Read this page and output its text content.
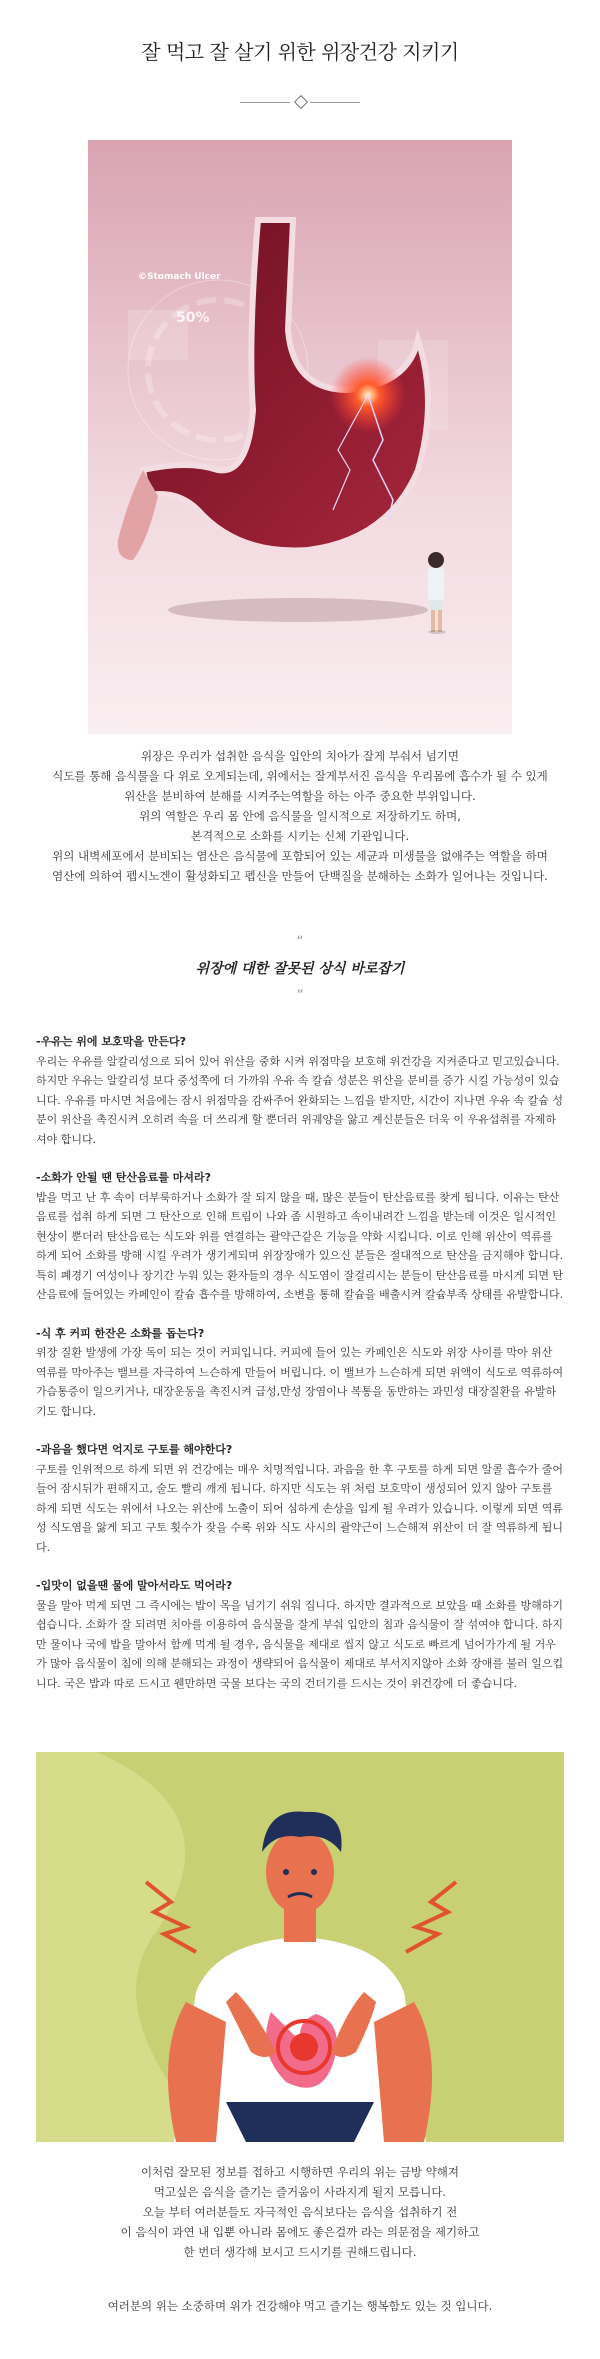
잘 먹고 잘 살기 위한 위장건강 지키기
©Stomach Ulcer
50%
위장은 우리가 섭취한 음식을 입안의 치아가 잘게 부숴서 넘기면
식도를 통해 음식물을 다 위로 오게되는데, 위에서는 잘게부서진 음식을 우리몸에 흡수가 될 수 있게
위산을 분비하여 분해를 시켜주는역할을 하는 아주 중요한 부위입니다.
위의 역할은 우리 몸 안에 음식물을 일시적으로 저장하기도 하며,
본격적으로 소화를 시키는 신체 기관입니다.
위의 내벽세포에서 분비되는 염산은 음식물에 포함되어 있는 세균과 미생물을 없애주는 역할을 하며
염산에 의하여 펩시노겐이 활성화되고 펩신을 만들어 단백질을 분해하는 소화가 일어나는 것입니다.
“
위장에 대한 잘못된 상식 바로잡기
”
-우유는 위에 보호막을 만든다?

우리는 우유를 알칼리성으로 되어 있어 위산을 중화 시켜 위점막을 보호해 위건강을 지켜준다고 믿고있습니다. 하지만 우유는 알칼리성 보다 중성쪽에 더 가까워 우유 속 칼슘 성분은 위산을 분비를 증가 시킬 가능성이 있습니다. 우유를 마시면 처음에는 잠시 위점막을 감싸주어 완화되는 느낌을 받지만, 시간이 지나면 우유 속 칼슘 성분이 위산을 촉진시켜 오히려 속을 더 쓰리게 할 뿐더러 위궤양을 앓고 계신분들은 더욱 이 우유섭취를 자제하셔야 합니다.

-소화가 안될 땐 탄산음료를 마셔라?

밥을 먹고 난 후 속이 더부룩하거나 소화가 잘 되지 않을 때, 많은 분들이 탄산음료를 찾게 됩니다. 이유는 탄산음료를 섭취 하게 되면 그 탄산으로 인해 트림이 나와 좀 시원하고 속이내려간 느낌을 받는데 이것은 일시적인 현상이 뿐더러 탄산음료는 식도와 위를 연결하는 괄약근같은 기능을 약화 시킵니다. 이로 인해 위산이 역류를 하게 되어 소화를 방해 시킬 우려가 생기게되며 위장장애가 있으신 분들은 절대적으로 탄산을 금지해야 합니다. 특히 폐경기 여성이나 장기간 누워 있는 환자들의 경우 식도염이 잘걸리시는 분들이 탄산음료를 마시게 되면 탄산음료에 들어있는 카페인이 칼슘 흡수를 방해하여, 소변을 통해 칼슘을 배출시켜 칼슘부족 상태를 유발합니다.

-식 후 커피 한잔은 소화를 돕는다?

위장 질환 발생에 가장 독이 되는 것이 커피입니다. 커피에 들어 있는 카페인은 식도와 위장 사이를 막아 위산 역류를 막아주는 밸브를 자극하여 느슨하게 만들어 버립니다. 이 밸브가 느슨하게 되면 위액이 식도로 역류하여 가슴통증이 일으키거나, 대장운동을 촉진시켜 급성,만성 장염이나 복통을 동반하는 과민성 대장질환을 유발하기도 합니다.

-과음을 했다면 억지로 구토를 해야한다?

구토를 인위적으로 하게 되면 위 건강에는 매우 치명적입니다. 과음을 한 후 구토를 하게 되면 알콜 흡수가 줄어들어 잠시뒤가 편해지고, 술도 빨리 깨게 됩니다. 하지만 식도는 위 처럼 보호막이 생성되어 있지 않아 구토를 하게 되면 식도는 위에서 나오는 위산에 노출이 되어 심하게 손상을 입게 될 우려가 있습니다. 이렇게 되면 역류성 식도염을 앓게 되고 구토 횟수가 잦을 수록 위와 식도 사시의 괄약근이 느슨해져 위산이 더 잘 역류하게 됩니다.

-입맛이 없을땐 물에 말아서라도 먹어라?

물을 말아 먹게 되면 그 즉시에는 밥이 목을 넘기기 쉬워 집니다. 하지만 결과적으로 보았을 때 소화를 방해하기 쉽습니다. 소화가 잘 되려면 치아를 이용하여 음식물을 잘게 부숴 입안의 침과 음식물이 잘 섞여야 합니다. 하지만 물이나 국에 밥을 말아서 함께 먹게 될 경우, 음식물을 제대로 씹지 않고 식도로 빠르게 넘어가가게 될 거우가 많아 음식물이 침에 의해 분해되는 과정이 생략되어 음식물이 제대로 부서지지않아 소화 장애를 불러 일으킵니다. 국은 밥과 따로 드시고 웬만하면 국물 보다는 국의 건더기를 드시는 것이 위건강에 더 좋습니다.

이처럼 잘모된 정보를 접하고 시행하면 우리의 위는 금방 약해져
먹고싶은 음식을 즐기는 즐거움이 사라지게 될지 모릅니다.
오늘 부터 여러분들도 자극적인 음식보다는 음식을 섭취하기 전
이 음식이 과연 내 입뿐 아니라 몸에도 좋은걸까 라는 의문점을 제기하고
한 번더 생각해 보시고 드시기를 권해드립니다.
여러분의 위는 소중하며 위가 건강해야 먹고 즐기는 행복함도 있는 것 입니다.
